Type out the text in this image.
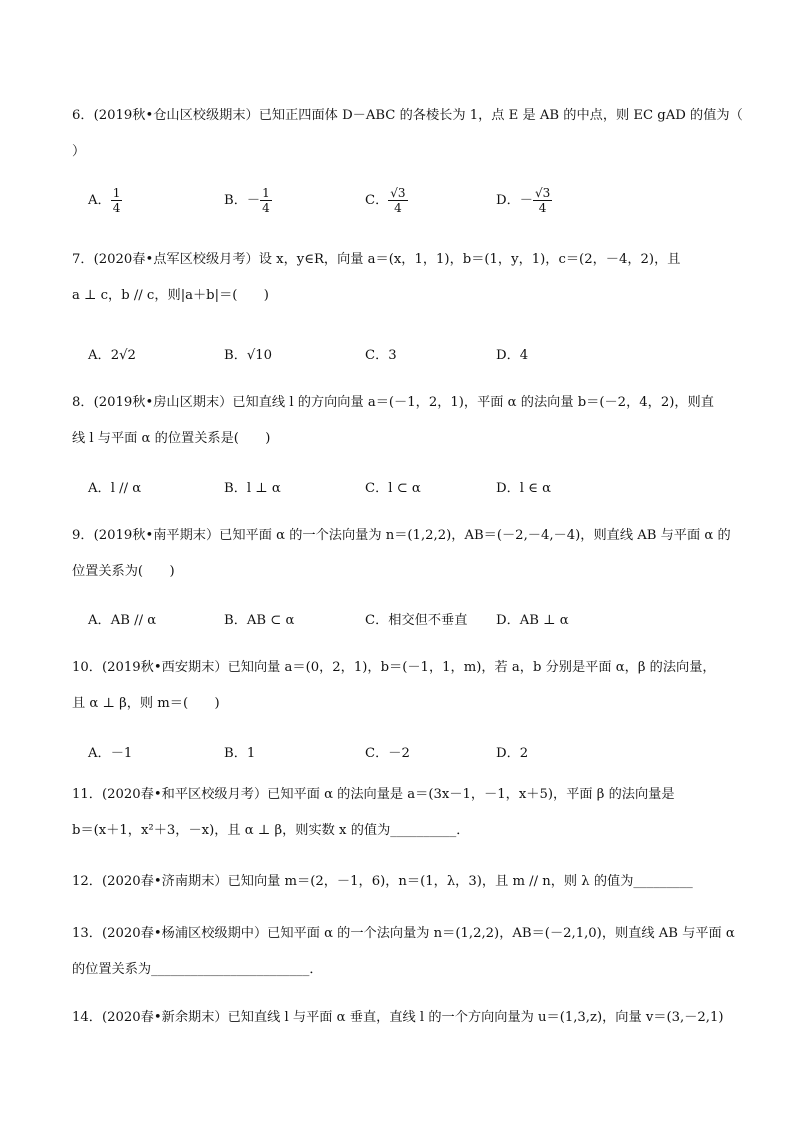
6．(2019秋•仓山区校级期末）已知正四面体 D－ABC 的各棱长为 1，点 E 是 AB 的中点，则 EC gAD 的值为（
）
A． $\frac{1}{4}$	B．－ $\frac{1}{4}$	C． $\frac{√3}{4}$	D．－ $\frac{√3}{4}$
7．(2020春•点军区校级月考）设 x，y∈R，向量 a＝(x，1，1)，b＝(1，y，1)，c＝(2，－4，2)，且
a ⊥ c，b // c，则|a＋b|＝(　　)
A．2√2	B．√10	C．3	D．4
8．(2019秋•房山区期末）已知直线 l 的方向向量 a＝(－1，2，1)，平面 α 的法向量 b＝(－2，4，2)，则直
线 l 与平面 α 的位置关系是(　　)
A．l // α	B．l ⊥ α	C．l ⊂ α	D．l ∈ α
9．(2019秋•南平期末）已知平面 α 的一个法向量为 n＝(1,2,2)，AB＝(－2,－4,－4)，则直线 AB 与平面 α 的
位置关系为(　　)
A．AB // α	B．AB ⊂ α	C．相交但不垂直 D．AB ⊥ α
10．(2019秋•西安期末）已知向量 a＝(0，2，1)，b＝(－1，1，m)，若 a，b 分别是平面 α，β 的法向量，
且 α ⊥ β，则 m＝(　　)
A．－1	B．1	C．－2	D．2
11．(2020春•和平区校级月考）已知平面 α 的法向量是 a＝(3x－1，－1，x＋5)，平面 β 的法向量是
b＝(x＋1，x²＋3，－x)，且 α ⊥ β，则实数 x 的值为__________．
12．(2020春•济南期末）已知向量 m＝(2，－1，6)，n＝(1，λ，3)，且 m // n，则 λ 的值为_________
13．(2020春•杨浦区校级期中）已知平面 α 的一个法向量为 n＝(1,2,2)，AB＝(－2,1,0)，则直线 AB 与平面 α
的位置关系为________________________．
14．(2020春•新余期末）已知直线 l 与平面 α 垂直，直线 l 的一个方向向量为 u＝(1,3,z)，向量 v＝(3,－2,1)
